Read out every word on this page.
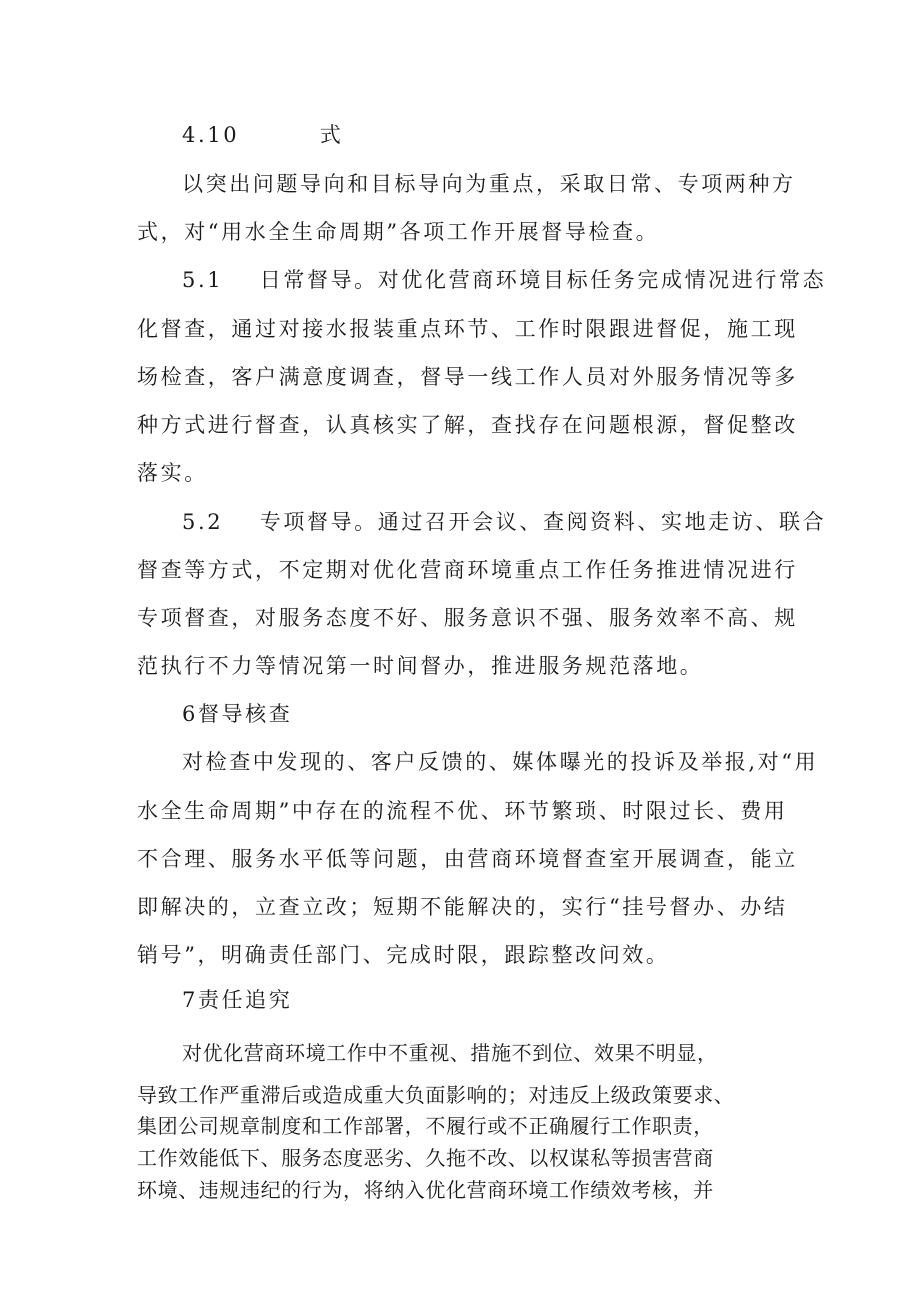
4.10	式
以突出问题导向和目标导向为重点，采取日常、专项两种方
式，对“用水全生命周期”各项工作开展督导检查。
5.1 日常督导。对优化营商环境目标任务完成情况进行常态
化督查，通过对接水报装重点环节、工作时限跟进督促，施工现
场检查，客户满意度调查，督导一线工作人员对外服务情况等多
种方式进行督查，认真核实了解，查找存在问题根源，督促整改
落实。
5.2 专项督导。通过召开会议、查阅资料、实地走访、联合
督查等方式，不定期对优化营商环境重点工作任务推进情况进行
专项督查，对服务态度不好、服务意识不强、服务效率不高、规
范执行不力等情况第一时间督办，推进服务规范落地。
6督导核查
对检查中发现的、客户反馈的、媒体曝光的投诉及举报,对“用
水全生命周期”中存在的流程不优、环节繁琐、时限过长、费用
不合理、服务水平低等问题，由营商环境督查室开展调查，能立
即解决的，立查立改；短期不能解决的，实行“挂号督办、办结
销号”，明确责任部门、完成时限，跟踪整改问效。
7责任追究
对优化营商环境工作中不重视、措施不到位、效果不明显，
导致工作严重滞后或造成重大负面影响的；对违反上级政策要求、
集团公司规章制度和工作部署，不履行或不正确履行工作职责，
工作效能低下、服务态度恶劣、久拖不改、以权谋私等损害营商
环境、违规违纪的行为，将纳入优化营商环境工作绩效考核，并
